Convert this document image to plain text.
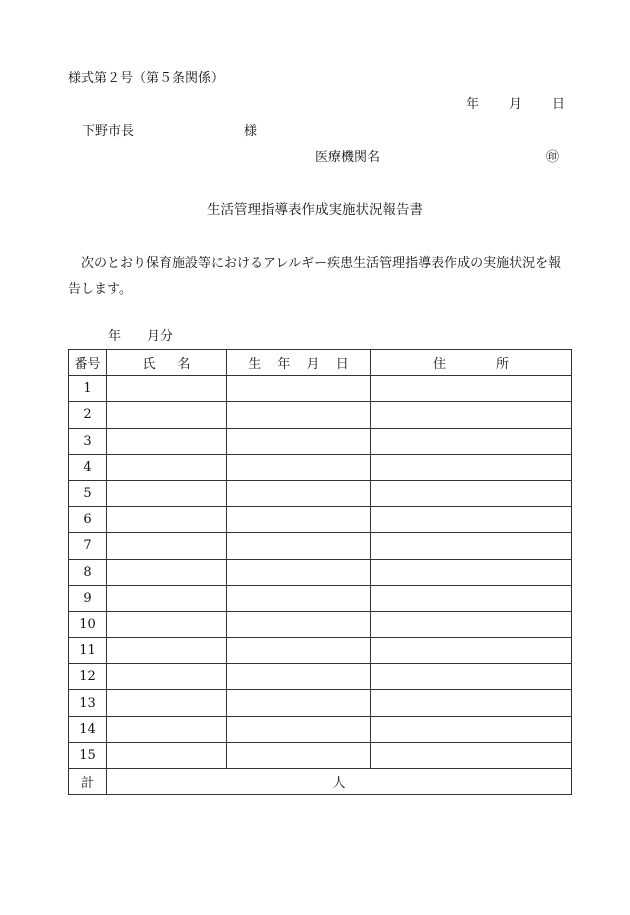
様式第２号（第５条関係）
年 月 日
下野市長	様
医療機関名	㊞
生活管理指導表作成実施状況報告書
次のとおり保育施設等におけるアレルギー疾患生活管理指導表作成の実施状況を報告します。
年 月分
番号	氏名	生 年 月 日	住所
1			
2			
3			
4			
5			
6			
7			
8			
9			
10			
11			
12			
13			
14			
15			
計	人		
